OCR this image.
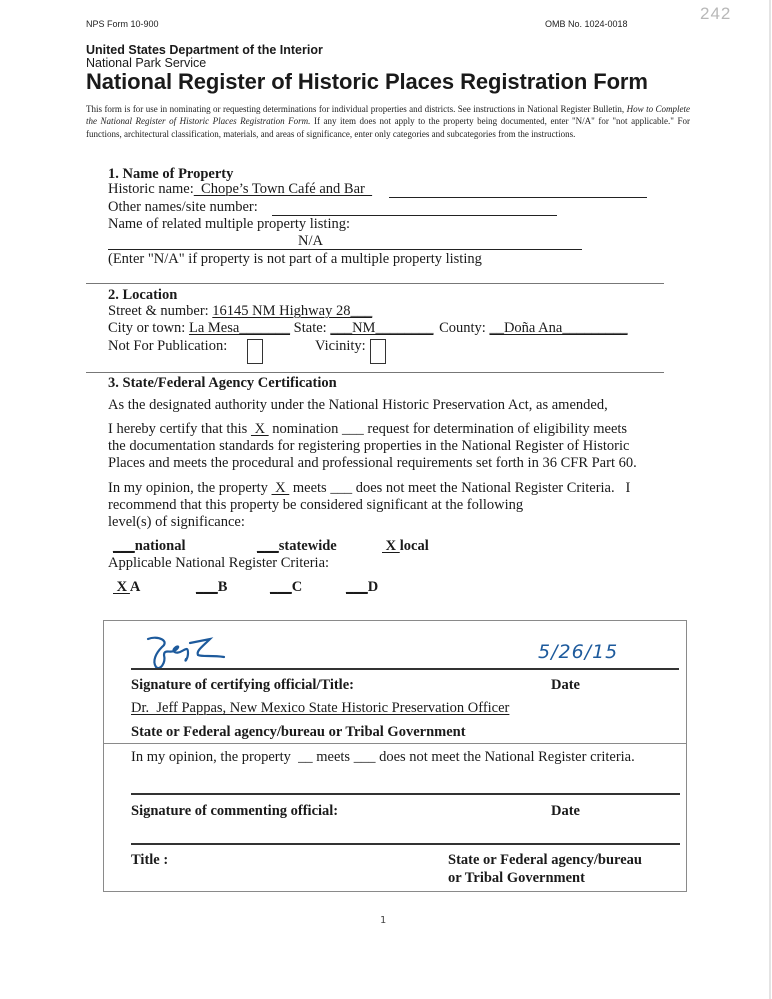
242
NPS Form 10-900	OMB No. 1024-0018
United States Department of the Interior
National Park Service
National Register of Historic Places Registration Form
This form is for use in nominating or requesting determinations for individual properties and districts. See instructions in National Register Bulletin, How to Complete the National Register of Historic Places Registration Form. If any item does not apply to the property being documented, enter "N/A" for "not applicable." For functions, architectural classification, materials, and areas of significance, enter only categories and subcategories from the instructions.
1. Name of Property
Historic name:  Chope’s Town Café and Bar
Other names/site number:
Name of related multiple property listing:
N/A
(Enter "N/A" if property is not part of a multiple property listing
2. Location
Street & number: 16145 NM Highway 28___
City or town: La Mesa_______ State: ___NM________ County: __Doña Ana_________
Not For Publication:	Vicinity:
3. State/Federal Agency Certification
As the designated authority under the National Historic Preservation Act, as amended,
I hereby certify that this  X  nomination ___ request for determination of eligibility meets
the documentation standards for registering properties in the National Register of Historic
Places and meets the procedural and professional requirements set forth in 36 CFR Part 60.
In my opinion, the property  X  meets ___ does not meet the National Register Criteria.   I
recommend that this property be considered significant at the following
level(s) of significance:
___national	___statewide	X local
Applicable National Register Criteria:
X A	___B	___C	___D
5/26/15
Signature of certifying official/Title:	Date
Dr.  Jeff Pappas, New Mexico State Historic Preservation Officer
State or Federal agency/bureau or Tribal Government
In my opinion, the property  __ meets ___ does not meet the National Register criteria.
Signature of commenting official:	Date
Title :	State or Federal agency/bureau
or Tribal Government
1
